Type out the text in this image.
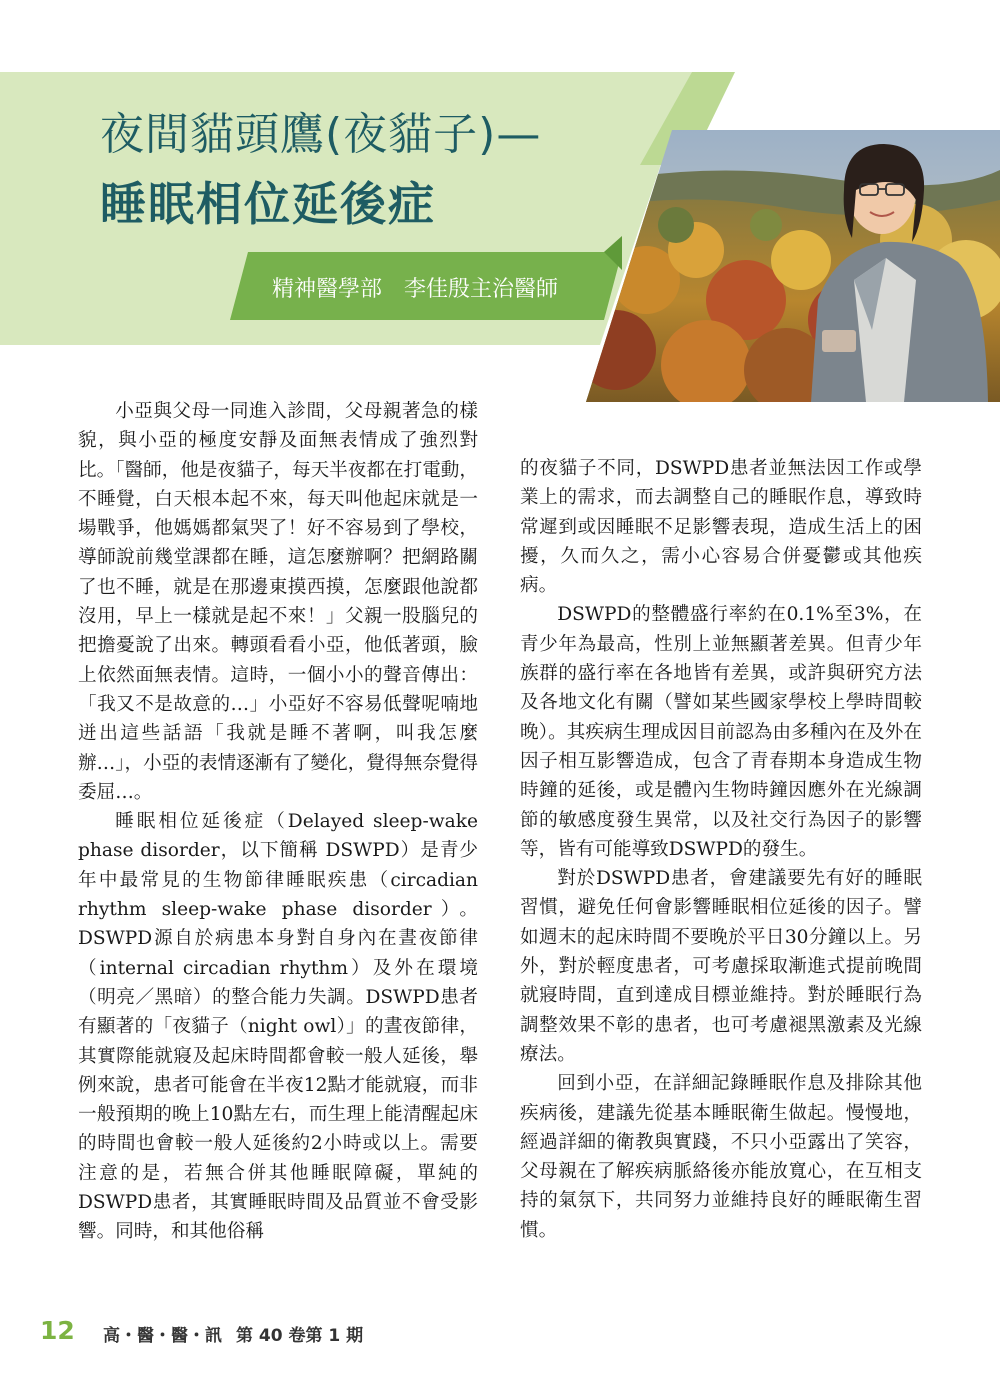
夜間貓頭鷹(夜貓子)—
睡眠相位延後症
精神醫學部 李佳殷主治醫師

小亞與父母一同進入診間，父母親著急的樣貌，與小亞的極度安靜及面無表情成了強烈對比。「醫師，他是夜貓子，每天半夜都在打電動，不睡覺，白天根本起不來，每天叫他起床就是一場戰爭，他媽媽都氣哭了！好不容易到了學校，導師說前幾堂課都在睡，這怎麼辦啊？把網路關了也不睡，就是在那邊東摸西摸，怎麼跟他說都沒用，早上一樣就是起不來！」父親一股腦兒的把擔憂說了出來。轉頭看看小亞，他低著頭，臉上依然面無表情。這時，一個小小的聲音傳出：「我又不是故意的…」小亞好不容易低聲呢喃地迸出這些話語「我就是睡不著啊，叫我怎麼辦…」，小亞的表情逐漸有了變化，覺得無奈覺得委屈…。

睡眠相位延後症（Delayed sleep-wake phase disorder，以下簡稱 DSWPD）是青少年中最常見的生物節律睡眠疾患（circadian rhythm sleep-wake phase disorder）。DSWPD源自於病患本身對自身內在晝夜節律（internal circadian rhythm）及外在環境（明亮／黑暗）的整合能力失調。DSWPD患者有顯著的「夜貓子（night owl）」的晝夜節律，其實際能就寢及起床時間都會較一般人延後，舉例來說，患者可能會在半夜12點才能就寢，而非一般預期的晚上10點左右，而生理上能清醒起床的時間也會較一般人延後約2小時或以上。需要注意的是，若無合併其他睡眠障礙，單純的DSWPD患者，其實睡眠時間及品質並不會受影響。同時，和其他俗稱

的夜貓子不同，DSWPD患者並無法因工作或學業上的需求，而去調整自己的睡眠作息，導致時常遲到或因睡眠不足影響表現，造成生活上的困擾，久而久之，需小心容易合併憂鬱或其他疾病。

DSWPD的整體盛行率約在0.1%至3%，在青少年為最高，性別上並無顯著差異。但青少年族群的盛行率在各地皆有差異，或許與研究方法及各地文化有關（譬如某些國家學校上學時間較晚）。其疾病生理成因目前認為由多種內在及外在因子相互影響造成，包含了青春期本身造成生物時鐘的延後，或是體內生物時鐘因應外在光線調節的敏感度發生異常，以及社交行為因子的影響等，皆有可能導致DSWPD的發生。

對於DSWPD患者，會建議要先有好的睡眠習慣，避免任何會影響睡眠相位延後的因子。譬如週末的起床時間不要晚於平日30分鐘以上。另外，對於輕度患者，可考慮採取漸進式提前晚間就寢時間，直到達成目標並維持。對於睡眠行為調整效果不彰的患者，也可考慮褪黑激素及光線療法。

回到小亞，在詳細記錄睡眠作息及排除其他疾病後，建議先從基本睡眠衛生做起。慢慢地，經過詳細的衛教與實踐，不只小亞露出了笑容，父母親在了解疾病脈絡後亦能放寬心，在互相支持的氣氛下，共同努力並維持良好的睡眠衛生習慣。

12 高・醫・醫・訊 第 40 卷第 1 期
